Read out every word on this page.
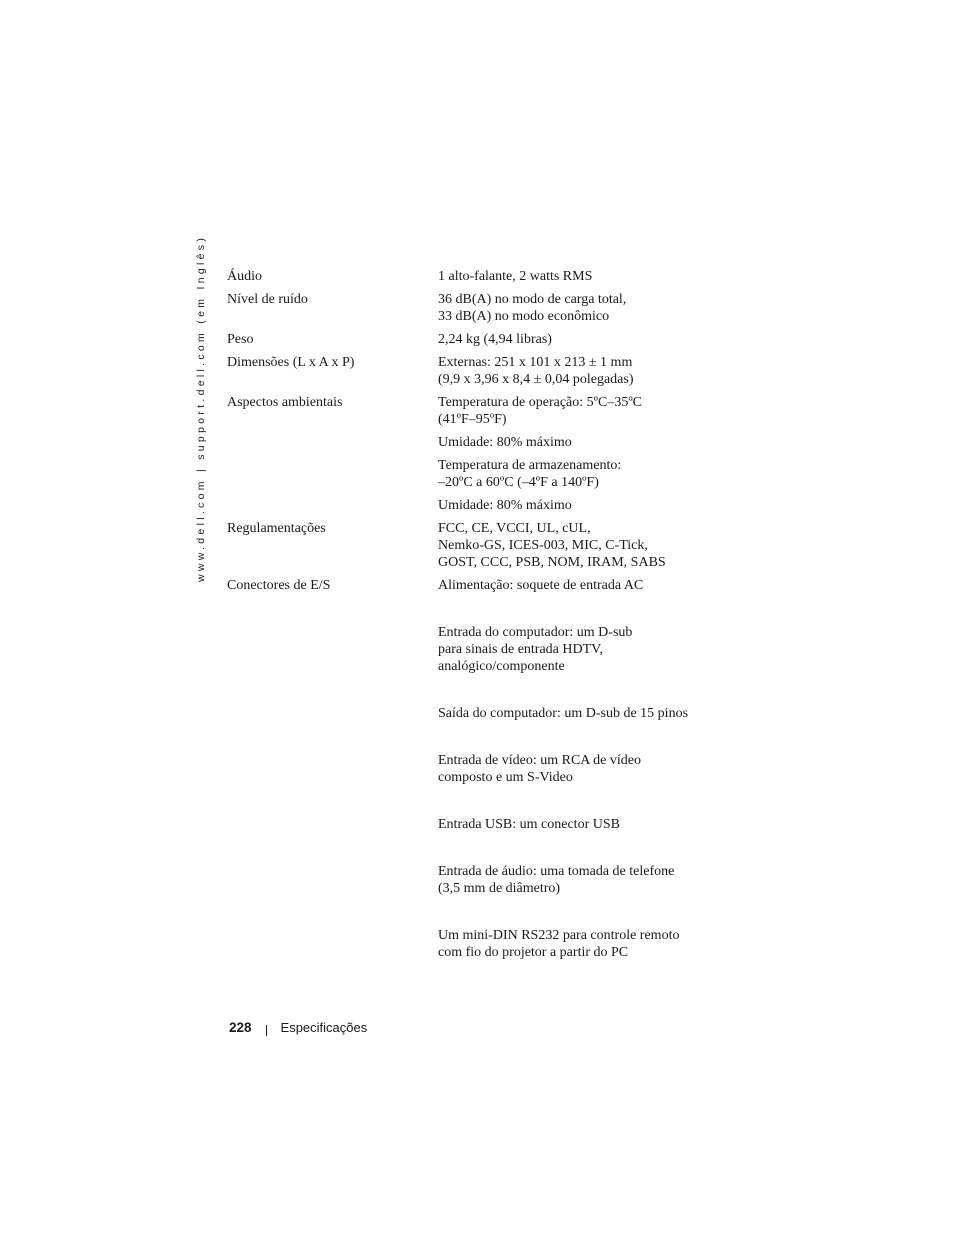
www.dell.com | support.dell.com (em Inglês) Áudio	1 alto-falante, 2 watts RMS
Nível de ruído	36 dB(A) no modo de carga total,
33 dB(A) no modo econômico
Peso	2,24 kg (4,94 libras)
Dimensões (L x A x P)	Externas: 251 x 101 x 213 ± 1 mm
(9,9 x 3,96 x 8,4 ± 0,04 polegadas)
Aspectos ambientais	Temperatura de operação: 5ºC–35ºC
(41ºF–95ºF)
Umidade: 80% máximo
Temperatura de armazenamento:
–20ºC a 60ºC (–4ºF a 140ºF)
Umidade: 80% máximo
Regulamentações	FCC, CE, VCCI, UL, cUL,
Nemko-GS, ICES-003, MIC, C-Tick,
GOST, CCC, PSB, NOM, IRAM, SABS
Conectores de E/S	Alimentação: soquete de entrada AC
Entrada do computador: um D-sub
para sinais de entrada HDTV,
analógico/componente
Saída do computador: um D-sub de 15 pinos
Entrada de vídeo: um RCA de vídeo
composto e um S-Video
Entrada USB: um conector USB
Entrada de áudio: uma tomada de telefone
(3,5 mm de diâmetro)
Um mini-DIN RS232 para controle remoto
com fio do projetor a partir do PC
228 Especificações
